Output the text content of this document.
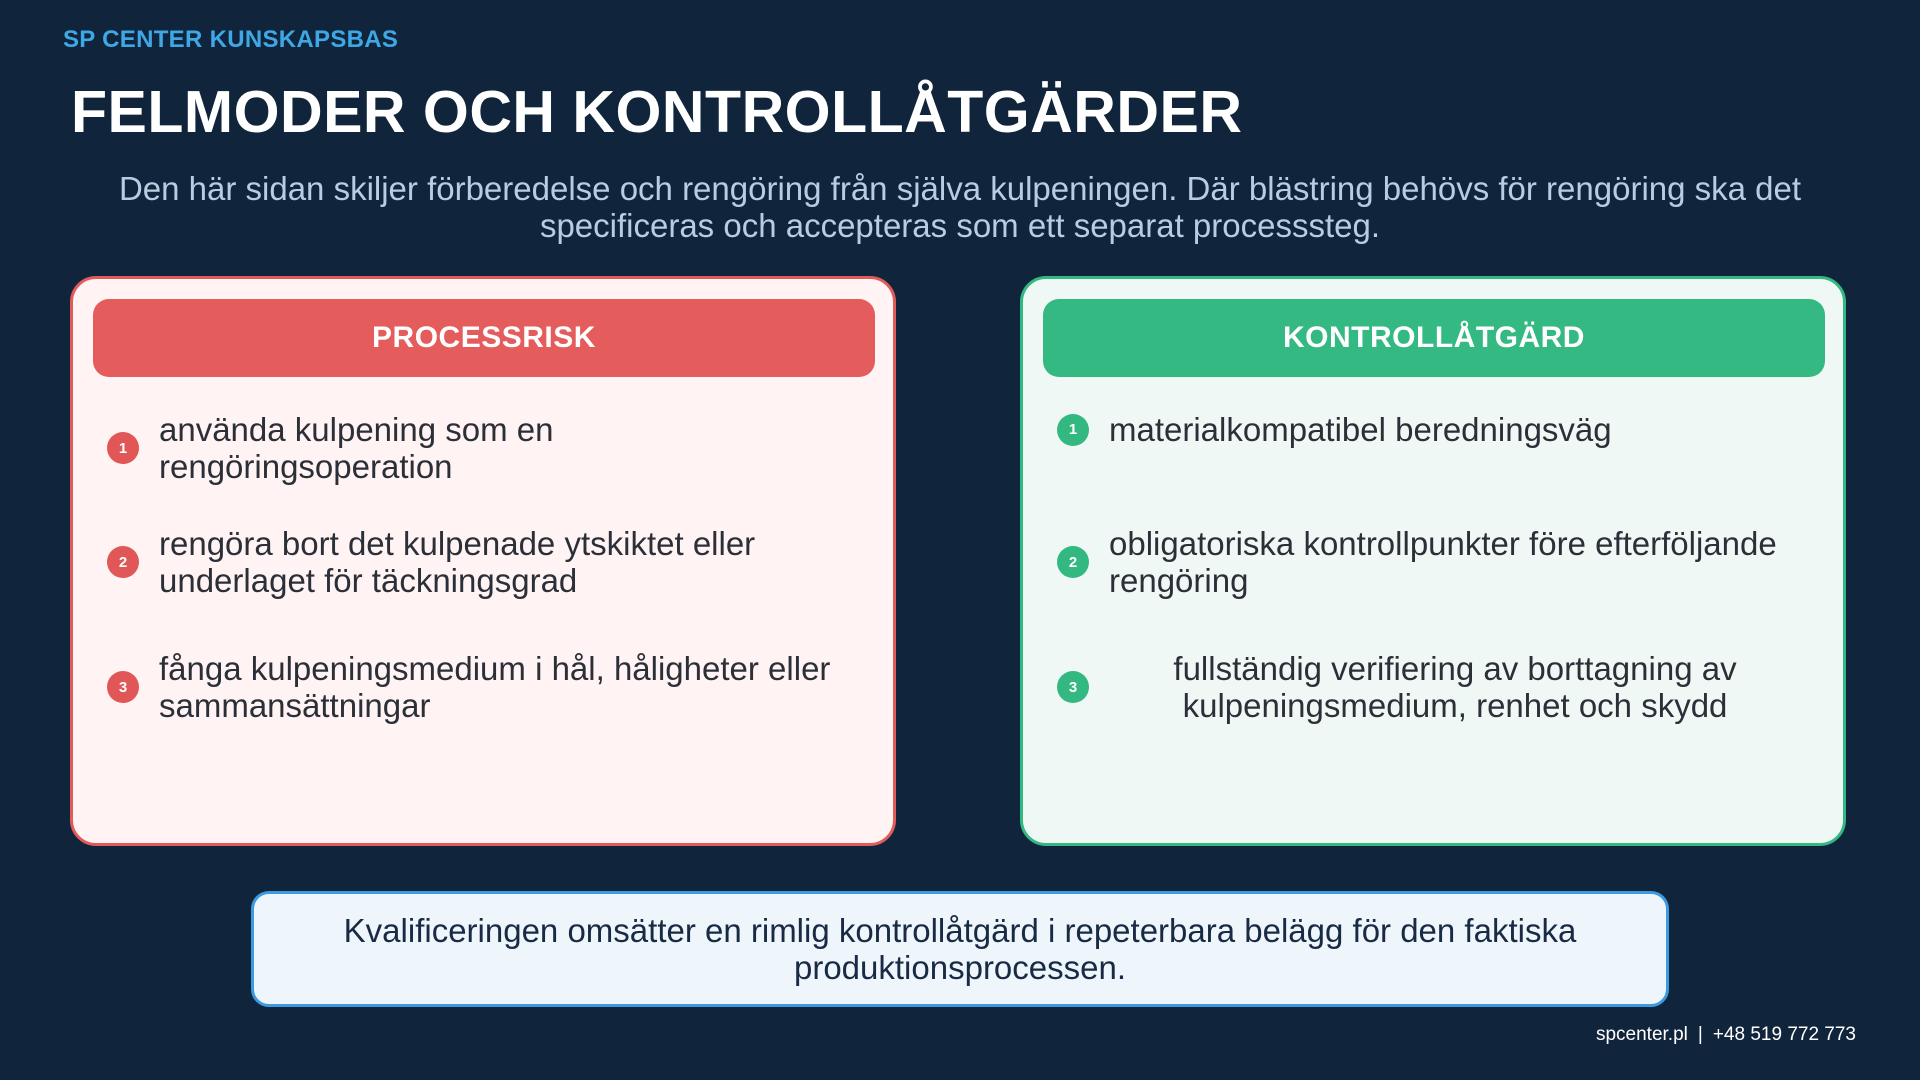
SP CENTER KUNSKAPSBAS
FELMODER OCH KONTROLLÅTGÄRDER
Den här sidan skiljer förberedelse och rengöring från själva kulpeningen. Där blästring behövs för rengöring ska det specificeras och accepteras som ett separat processsteg.
PROCESSRISK
1 använda kulpening som en rengöringsoperation
2 rengöra bort det kulpenade ytskiktet eller underlaget för täckningsgrad
3 fånga kulpeningsmedium i hål, håligheter eller sammansättningar
KONTROLLÅTGÄRD
1 materialkompatibel beredningsväg
2 obligatoriska kontrollpunkter före efterföljande rengöring
3	fullständig verifiering av borttagning av kulpeningsmedium, renhet och skydd
Kvalificeringen omsätter en rimlig kontrollåtgärd i repeterbara belägg för den faktiska produktionsprocessen.
spcenter.pl | +48 519 772 773
